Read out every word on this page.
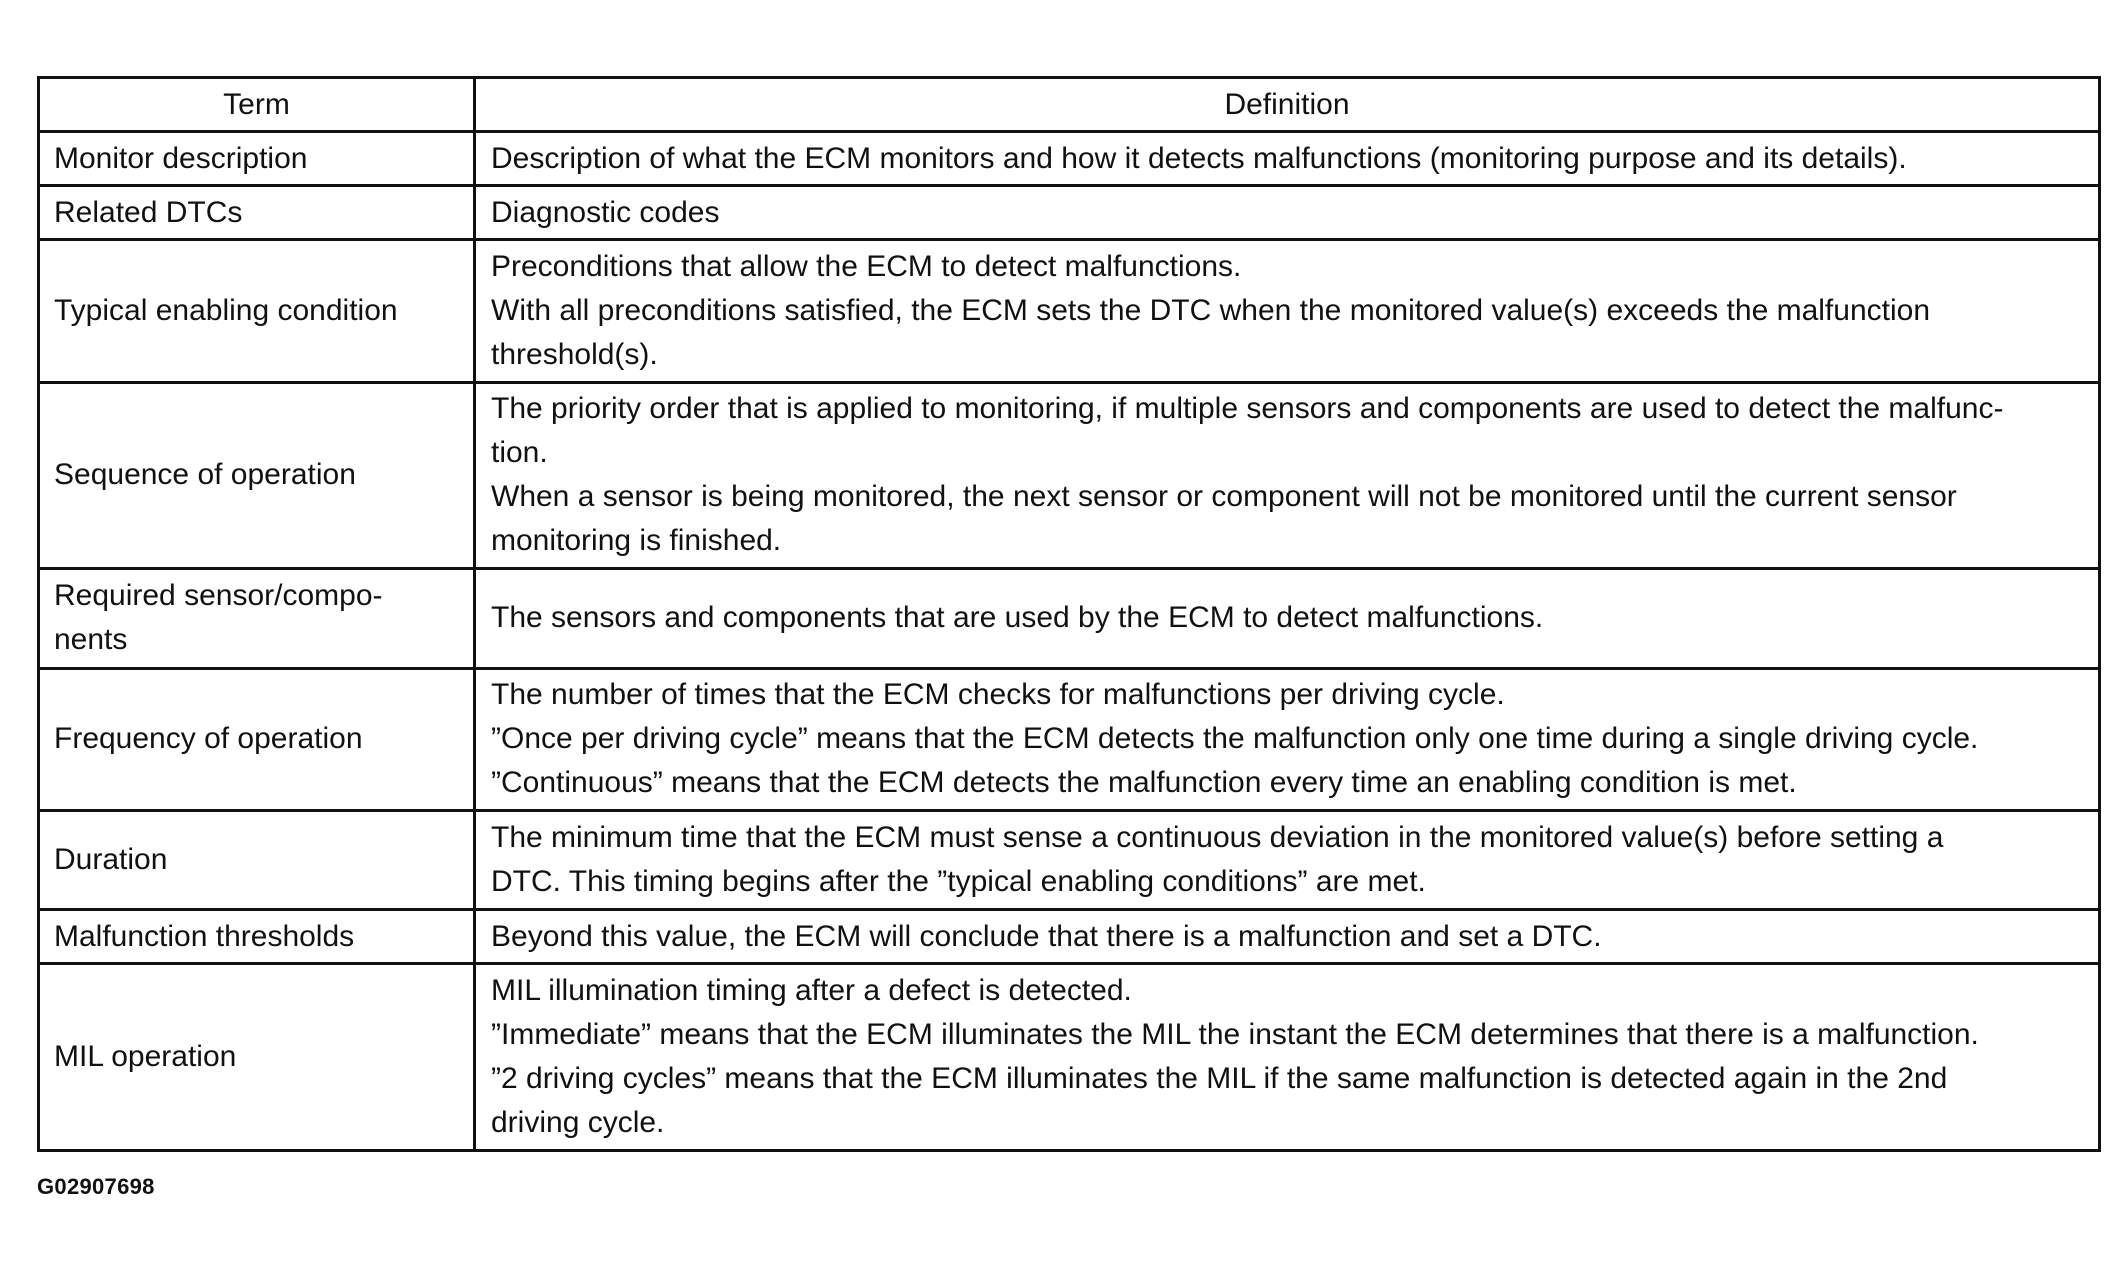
Term	Definition

Monitor description	Description of what the ECM monitors and how it detects malfunctions (monitoring purpose and its details).

Related DTCs	Diagnostic codes

Typical enabling condition	Preconditions that allow the ECM to detect malfunctions.
With all preconditions satisfied, the ECM sets the DTC when the monitored value(s) exceeds the malfunction
threshold(s).

Sequence of operation	The priority order that is applied to monitoring, if multiple sensors and components are used to detect the malfunc-
tion.
When a sensor is being monitored, the next sensor or component will not be monitored until the current sensor
monitoring is finished.

Required sensor/compo-
nents	The sensors and components that are used by the ECM to detect malfunctions.

Frequency of operation	The number of times that the ECM checks for malfunctions per driving cycle.
”Once per driving cycle” means that the ECM detects the malfunction only one time during a single driving cycle.
”Continuous” means that the ECM detects the malfunction every time an enabling condition is met.

Duration	The minimum time that the ECM must sense a continuous deviation in the monitored value(s) before setting a
DTC. This timing begins after the ”typical enabling conditions” are met.

Malfunction thresholds	Beyond this value, the ECM will conclude that there is a malfunction and set a DTC.

MIL operation	MIL illumination timing after a defect is detected.
”Immediate” means that the ECM illuminates the MIL the instant the ECM determines that there is a malfunction.
”2 driving cycles” means that the ECM illuminates the MIL if the same malfunction is detected again in the 2nd
driving cycle.
G02907698
